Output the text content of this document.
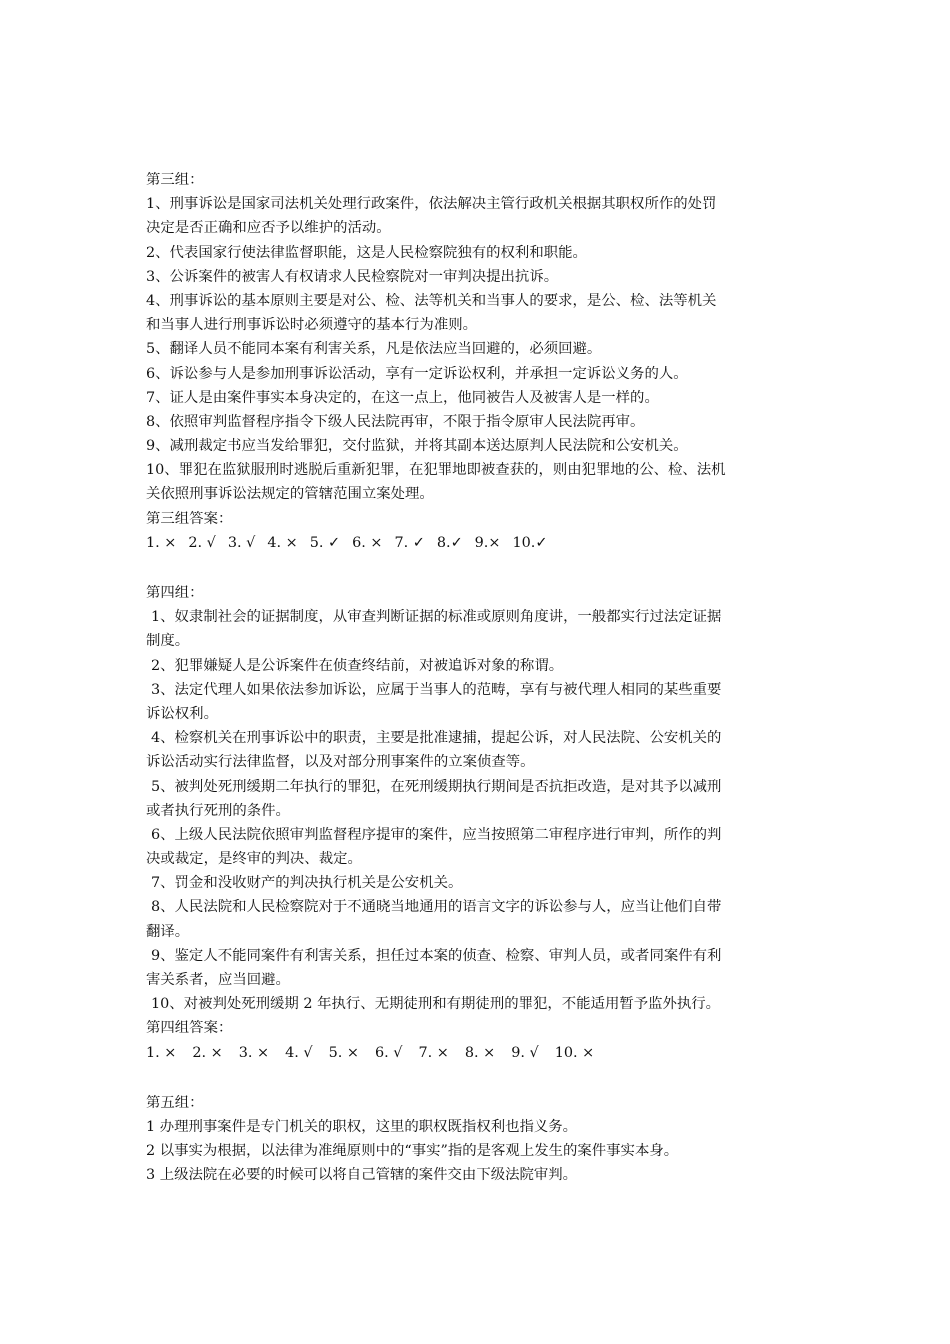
第三组：
1、刑事诉讼是国家司法机关处理行政案件，依法解决主管行政机关根据其职权所作的处罚
决定是否正确和应否予以维护的活动。
2、代表国家行使法律监督职能，这是人民检察院独有的权利和职能。
3、公诉案件的被害人有权请求人民检察院对一审判决提出抗诉。
4、刑事诉讼的基本原则主要是对公、检、法等机关和当事人的要求，是公、检、法等机关
和当事人进行刑事诉讼时必须遵守的基本行为准则。
5、翻译人员不能同本案有利害关系，凡是依法应当回避的，必须回避。
6、诉讼参与人是参加刑事诉讼活动，享有一定诉讼权利，并承担一定诉讼义务的人。
7、证人是由案件事实本身决定的，在这一点上，他同被告人及被害人是一样的。
8、依照审判监督程序指令下级人民法院再审，不限于指令原审人民法院再审。
9、减刑裁定书应当发给罪犯，交付监狱，并将其副本送达原判人民法院和公安机关。
10、罪犯在监狱服刑时逃脱后重新犯罪，在犯罪地即被查获的，则由犯罪地的公、检、法机
关依照刑事诉讼法规定的管辖范围立案处理。
第三组答案：
1. × 2. √ 3. √ 4. × 5. ✓ 6. × 7. ✓ 8.✓ 9.× 10.✓
第四组：
1、奴隶制社会的证据制度，从审查判断证据的标准或原则角度讲，一般都实行过法定证据
制度。
2、犯罪嫌疑人是公诉案件在侦查终结前，对被追诉对象的称谓。
3、法定代理人如果依法参加诉讼，应属于当事人的范畴，享有与被代理人相同的某些重要
诉讼权利。
4、检察机关在刑事诉讼中的职责，主要是批准逮捕，提起公诉，对人民法院、公安机关的
诉讼活动实行法律监督，以及对部分刑事案件的立案侦查等。
5、被判处死刑缓期二年执行的罪犯，在死刑缓期执行期间是否抗拒改造，是对其予以减刑
或者执行死刑的条件。
6、上级人民法院依照审判监督程序提审的案件，应当按照第二审程序进行审判，所作的判
决或裁定，是终审的判决、裁定。
7、罚金和没收财产的判决执行机关是公安机关。
8、人民法院和人民检察院对于不通晓当地通用的语言文字的诉讼参与人，应当让他们自带
翻译。
9、鉴定人不能同案件有利害关系，担任过本案的侦查、检察、审判人员，或者同案件有利
害关系者，应当回避。
10、对被判处死刑缓期 2 年执行、无期徒刑和有期徒刑的罪犯，不能适用暂予监外执行。
第四组答案：
1. × 2. × 3. × 4. √ 5. × 6. √ 7. × 8. × 9. √ 10. ×
第五组：
1 办理刑事案件是专门机关的职权，这里的职权既指权利也指义务。
2 以事实为根据，以法律为准绳原则中的“事实”指的是客观上发生的案件事实本身。
3 上级法院在必要的时候可以将自己管辖的案件交由下级法院审判。
